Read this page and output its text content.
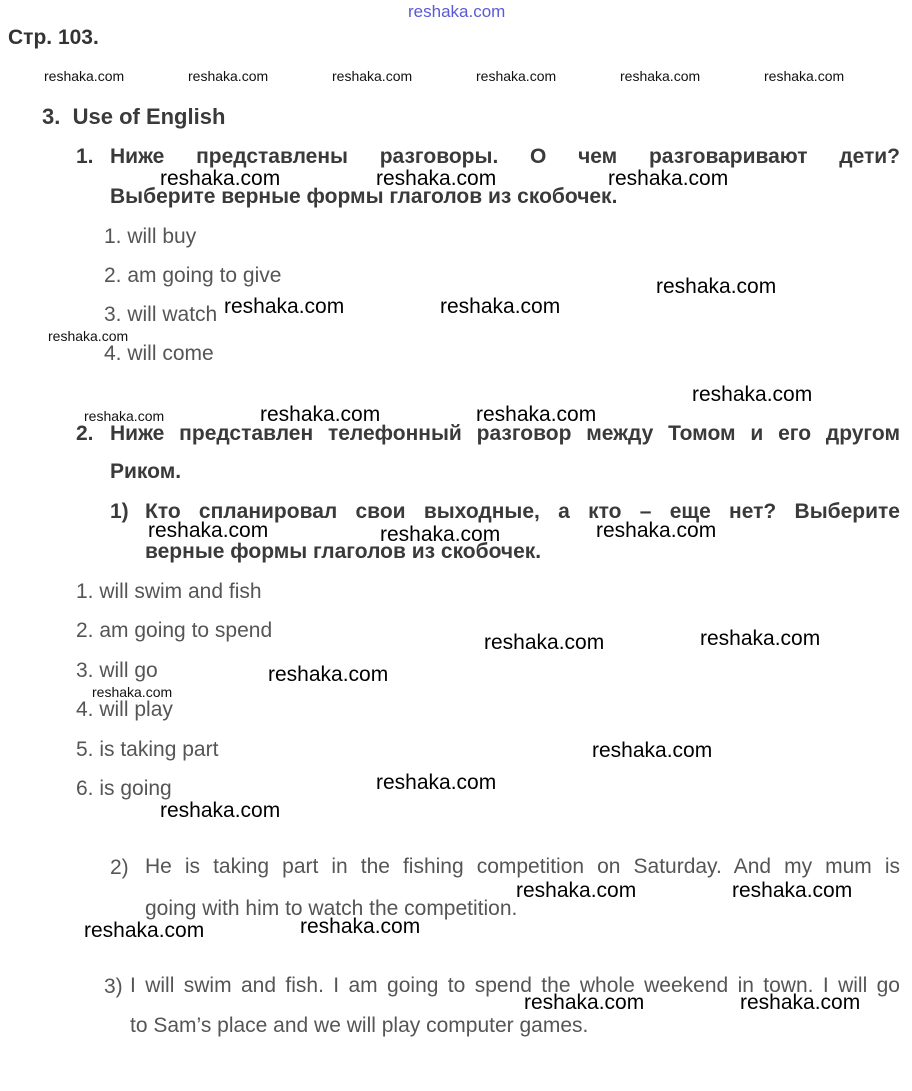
reshaka.com
Стр. 103.
reshaka.com	reshaka.com	reshaka.com	reshaka.com	reshaka.com	reshaka.com
3. Use of English
1. Ниже представлены разговоры. О чем разговаривают дети?
Выберите верные формы глаголов из скобочек.
1. will buy
2. am going to give
3. will watch
4. will come
2. Ниже представлен телефонный разговор между Томом и его другом
Риком.
1) Кто спланировал свои выходные, а кто – еще нет? Выберите
верные формы глаголов из скобочек.
1. will swim and fish
2. am going to spend
3. will go
4. will play
5. is taking part
6. is going
2) He is taking part in the fishing competition on Saturday. And my mum is
going with him to watch the competition.
3) I will swim and fish. I am going to spend the whole weekend in town. I will go
to Sam’s place and we will play computer games.
reshaka.com	reshaka.com	reshaka.com
reshaka.com
reshaka.com	reshaka.com
reshaka.com
reshaka.com
reshaka.com	reshaka.com	reshaka.com
reshaka.com	reshaka.com	reshaka.com
reshaka.com
reshaka.com
reshaka.com
reshaka.com
reshaka.com
reshaka.com
reshaka.com
reshaka.com	reshaka.com
reshaka.com
reshaka.com
reshaka.com	reshaka.com
